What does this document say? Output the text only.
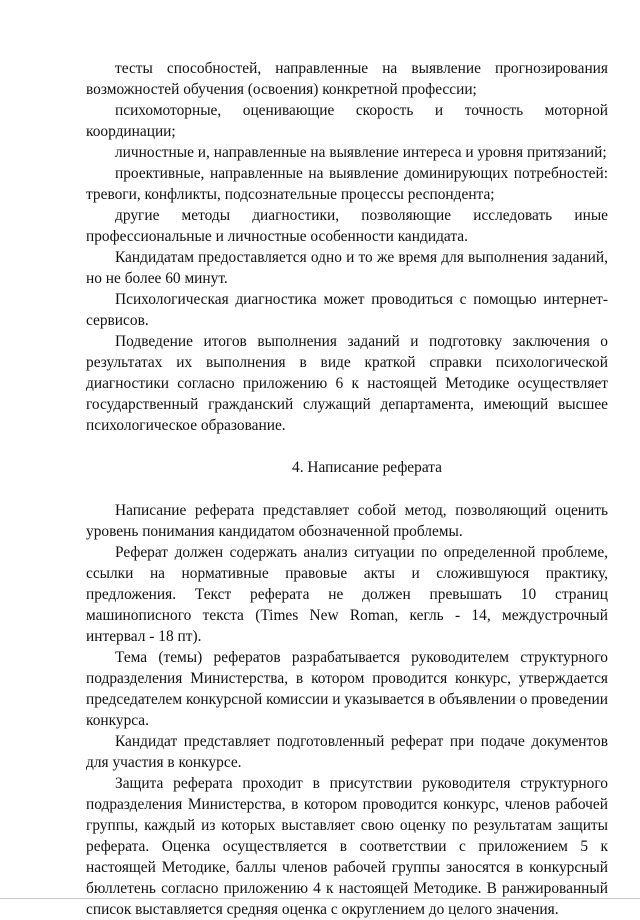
тесты способностей, направленные на выявление прогнозирования возможностей обучения (освоения) конкретной профессии;

психомоторные, оценивающие скорость и точность моторной координации;

личностные и, направленные на выявление интереса и уровня притязаний;

проективные, направленные на выявление доминирующих потребностей: тревоги, конфликты, подсознательные процессы респондента;

другие методы диагностики, позволяющие исследовать иные профессиональные и личностные особенности кандидата.

Кандидатам предоставляется одно и то же время для выполнения заданий, но не более 60 минут.

Психологическая диагностика может проводиться с помощью интернет-сервисов.

Подведение итогов выполнения заданий и подготовку заключения о результатах их выполнения в виде краткой справки психологической диагностики согласно приложению 6 к настоящей Методике осуществляет государственный гражданский служащий департамента, имеющий высшее психологическое образование.

4. Написание реферата

Написание реферата представляет собой метод, позволяющий оценить уровень понимания кандидатом обозначенной проблемы.

Реферат должен содержать анализ ситуации по определенной проблеме, ссылки на нормативные правовые акты и сложившуюся практику, предложения. Текст реферата не должен превышать 10 страниц машинописного текста (Times New Roman, кегль - 14, междустрочный интервал - 18 пт).

Тема (темы) рефератов разрабатывается руководителем структурного подразделения Министерства, в котором проводится конкурс, утверждается председателем конкурсной комиссии и указывается в объявлении о проведении конкурса.

Кандидат представляет подготовленный реферат при подаче документов для участия в конкурсе.

Защита реферата проходит в присутствии руководителя структурного подразделения Министерства, в котором проводится конкурс, членов рабочей группы, каждый из которых выставляет свою оценку по результатам защиты реферата. Оценка осуществляется в соответствии с приложением 5 к настоящей Методике, баллы членов рабочей группы заносятся в конкурсный бюллетень согласно приложению 4 к настоящей Методике. В ранжированный список выставляется средняя оценка с округлением до целого значения.
